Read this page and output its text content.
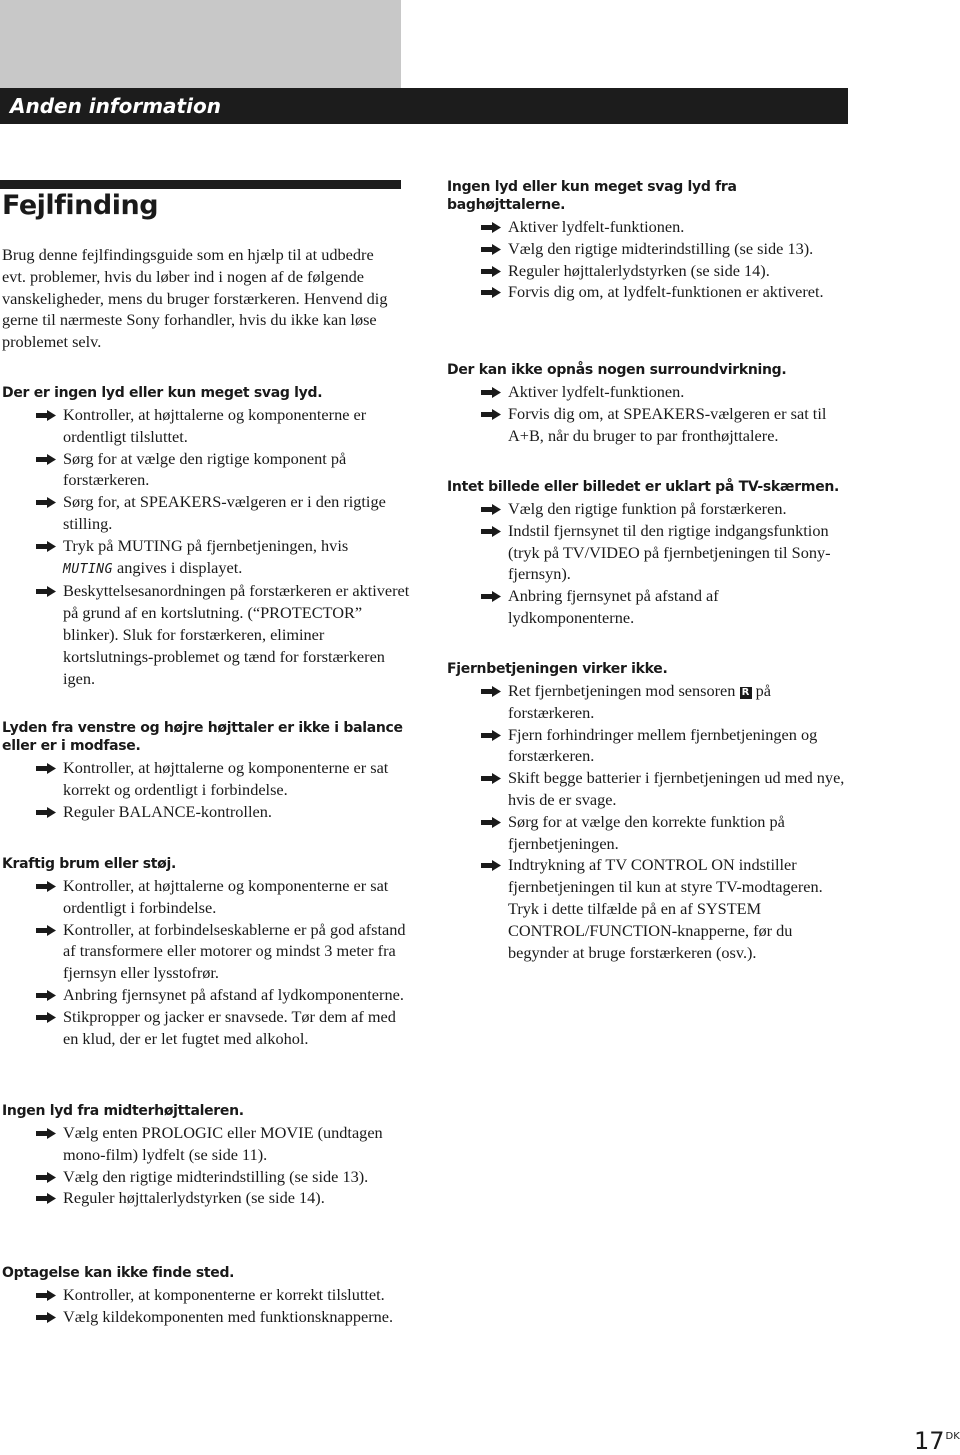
Anden information
Fejlfinding

Brug denne fejlfindingsguide som en hjælp til at udbedre evt. problemer, hvis du løber ind i nogen af de følgende vanskeligheder, mens du bruger forstærkeren. Henvend dig gerne til nærmeste Sony forhandler, hvis du ikke kan løse problemet selv.

Der er ingen lyd eller kun meget svag lyd.
Kontroller, at højttalerne og komponenterne er ordentligt tilsluttet.
Sørg for at vælge den rigtige komponent på forstærkeren.
Sørg for, at SPEAKERS-vælgeren er i den rigtige stilling.
Tryk på MUTING på fjernbetjeningen, hvis
MUTING angives i displayet.
Beskyttelsesanordningen på forstærkeren er aktiveret på grund af en kortslutning. (“PROTECTOR” blinker). Sluk for forstærkeren, eliminer kortslutnings-problemet og tænd for forstærkeren igen.
Lyden fra venstre og højre højttaler er ikke i balance eller er i modfase.
Kontroller, at højttalerne og komponenterne er sat korrekt og ordentligt i forbindelse.
Reguler BALANCE-kontrollen.
Kraftig brum eller støj.
Kontroller, at højttalerne og komponenterne er sat ordentligt i forbindelse.
Kontroller, at forbindelseskablerne er på god afstand af transformere eller motorer og mindst 3 meter fra fjernsyn eller lysstofrør.
Anbring fjernsynet på afstand af lydkomponenterne.
Stikpropper og jacker er snavsede. Tør dem af med en klud, der er let fugtet med alkohol.
Ingen lyd fra midterhøjttaleren.
Vælg enten PROLOGIC eller MOVIE (undtagen mono-film) lydfelt (se side 11).
Vælg den rigtige midterindstilling (se side 13).
Reguler højttalerlydstyrken (se side 14).
Optagelse kan ikke finde sted.
Kontroller, at komponenterne er korrekt tilsluttet.
Vælg kildekomponenten med funktionsknapperne.
Ingen lyd eller kun meget svag lyd fra baghøjttalerne.
Aktiver lydfelt-funktionen.
Vælg den rigtige midterindstilling (se side 13).
Reguler højttalerlydstyrken (se side 14).
Forvis dig om, at lydfelt-funktionen er aktiveret.
Der kan ikke opnås nogen surroundvirkning.
Aktiver lydfelt-funktionen.
Forvis dig om, at SPEAKERS-vælgeren er sat til A+B, når du bruger to par fronthøjttalere.
Intet billede eller billedet er uklart på TV-skærmen.
Vælg den rigtige funktion på forstærkeren.
Indstil fjernsynet til den rigtige indgangsfunktion (tryk på TV/VIDEO på fjernbetjeningen til Sony-fjernsyn).
Anbring fjernsynet på afstand af lydkomponenterne.
Fjernbetjeningen virker ikke.
Ret fjernbetjeningen mod sensoren R på forstærkeren.
Fjern forhindringer mellem fjernbetjeningen og forstærkeren.
Skift begge batterier i fjernbetjeningen ud med nye, hvis de er svage.
Sørg for at vælge den korrekte funktion på fjernbetjeningen.
Indtrykning af TV CONTROL ON indstiller fjernbetjeningen til kun at styre TV-modtageren. Tryk i dette tilfælde på en af SYSTEM CONTROL/FUNCTION-knapperne, før du begynder at bruge forstærkeren (osv.).
$17^{DK}$
